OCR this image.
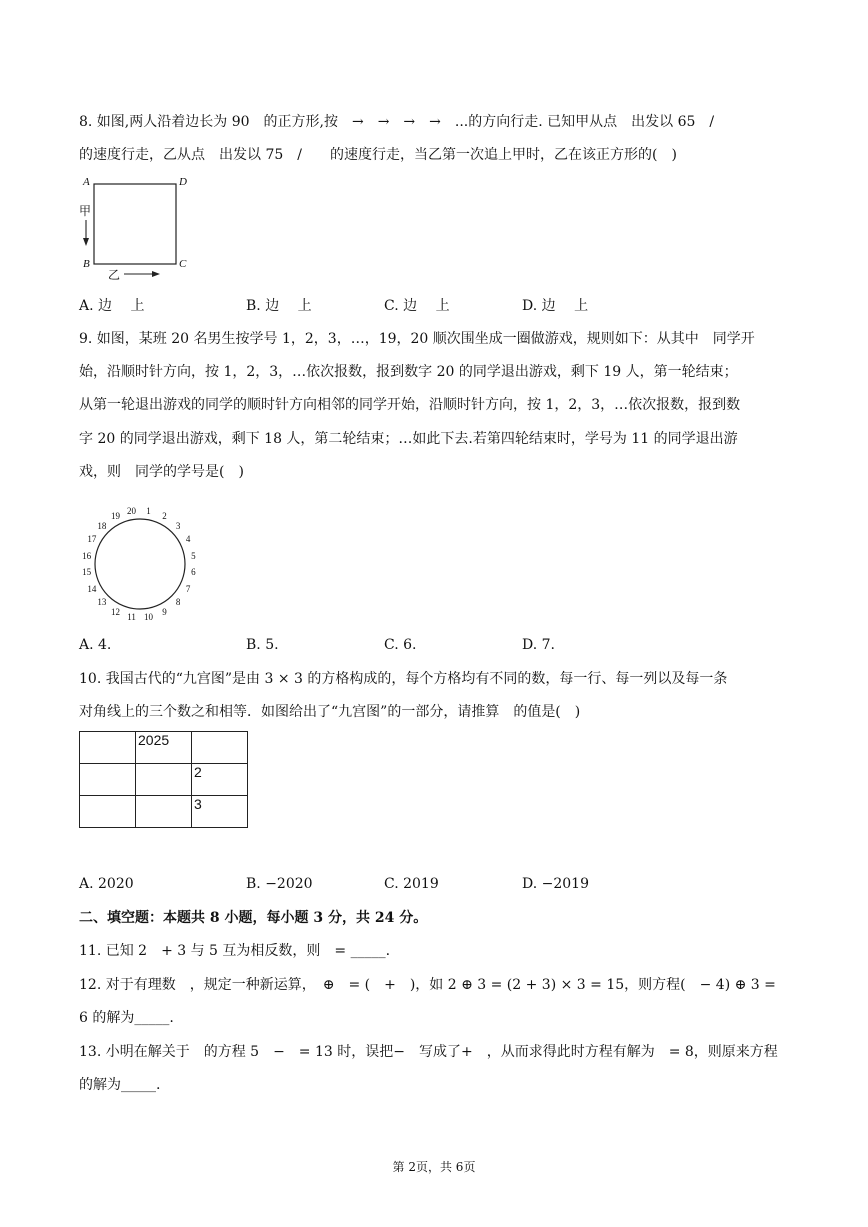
8. 如图,两人沿着边长为 90　的正方形,按　→　→　→　→　...的方向行走. 已知甲从点　出发以 65　/
的速度行走，乙从点　出发以 75　/　　的速度行走，当乙第一次追上甲时，乙在该正方形的(　)
A	D
B	C
甲
乙
A. 边　 上	B. 边　 上	C. 边　 上	D. 边　 上
9. 如图，某班 20 名男生按学号 1，2，3，…，19，20 顺次围坐成一圈做游戏，规则如下：从其中　同学开
始，沿顺时针方向，按 1，2，3，…依次报数，报到数字 20 的同学退出游戏，剩下 19 人，第一轮结束；
从第一轮退出游戏的同学的顺时针方向相邻的同学开始，沿顺时针方向，按 1，2，3，…依次报数，报到数
字 20 的同学退出游戏，剩下 18 人，第二轮结束；…如此下去.若第四轮结束时，学号为 11 的同学退出游
戏，则　同学的学号是(　)
1
2
3
4
5
6
7
8
9
10
11
12
13
14
15
16
17
18
19
20
A. 4.	B. 5.	C. 6.	D. 7.
10. 我国古代的“九宫图”是由 3 × 3 的方格构成的，每个方格均有不同的数，每一行、每一列以及每一条
对角线上的三个数之和相等．如图给出了“九宫图”的一部分，请推算　的值是(　)
	2025	
		2
		3
A. 2020	B. −2020	C. 2019	D. −2019
二、填空题：本题共 8 小题，每小题 3 分，共 24 分。
11. 已知 2　+ 3 与 5 互为相反数，则　= _____.
12. 对于有理数　，规定一种新运算，　⊕　= (　+　)，如 2 ⊕ 3 = (2 + 3) × 3 = 15，则方程(　− 4) ⊕ 3 =
6 的解为_____.
13. 小明在解关于　的方程 5　−　= 13 时，误把−　写成了+　，从而求得此时方程有解为　= 8，则原来方程
的解为_____.
第 2页，共 6页
